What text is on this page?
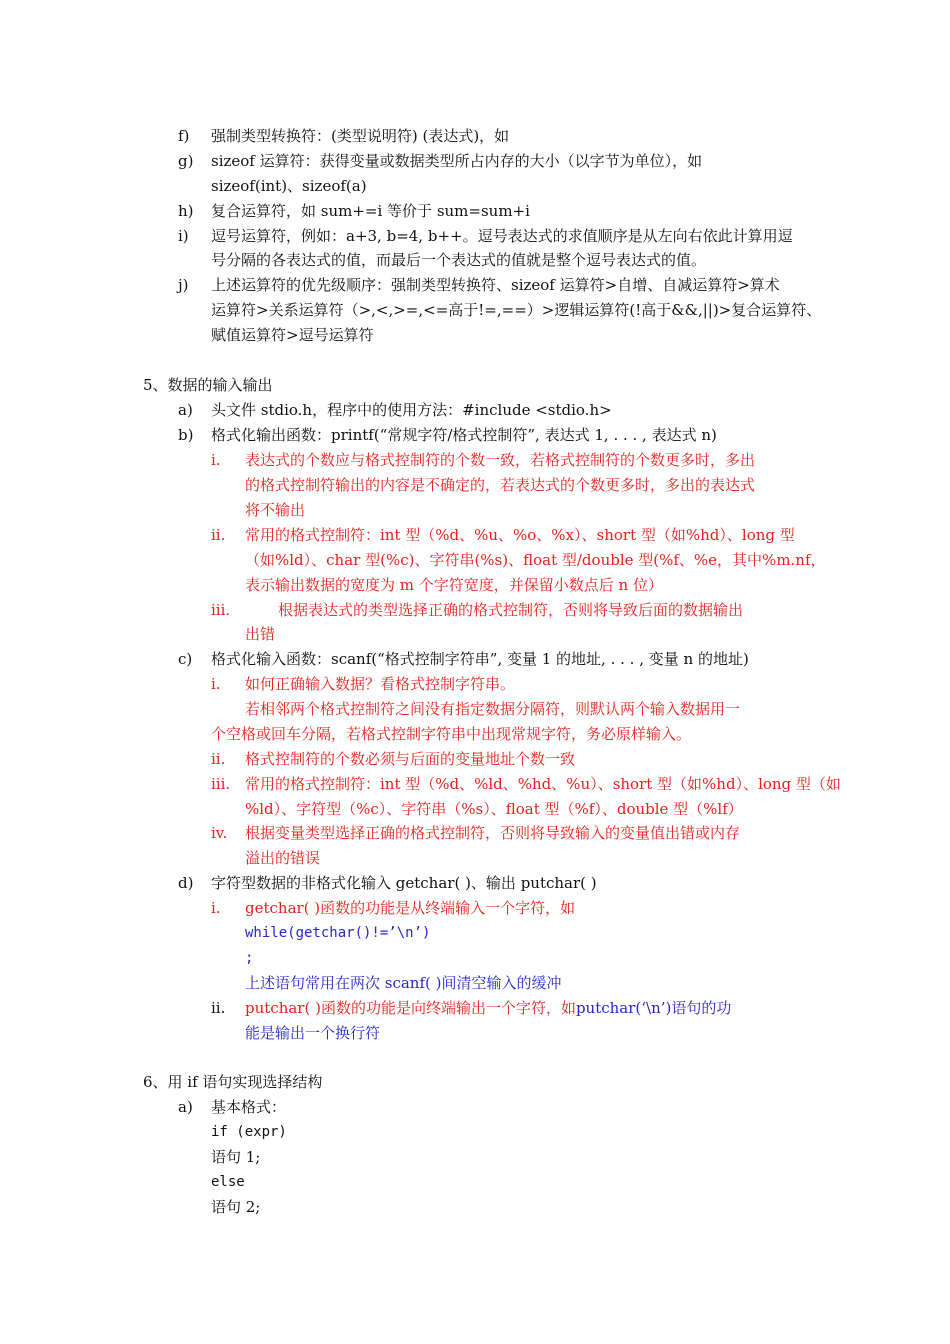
f) 强制类型转换符：(类型说明符) (表达式)，如
g) sizeof 运算符：获得变量或数据类型所占内存的大小（以字节为单位），如
sizeof(int)、sizeof(a)
h) 复合运算符，如 sum+=i 等价于 sum=sum+i
i) 逗号运算符，例如：a+3, b=4, b++。逗号表达式的求值顺序是从左向右依此计算用逗
号分隔的各表达式的值，而最后一个表达式的值就是整个逗号表达式的值。
j) 上述运算符的优先级顺序：强制类型转换符、sizeof 运算符>自增、自减运算符>算术
运算符>关系运算符（>,<,>=,<=高于!=,==）>逻辑运算符(!高于&&,||)>复合运算符、
赋值运算符>逗号运算符
5、数据的输入输出
a) 头文件 stdio.h，程序中的使用方法：#include <stdio.h>
b) 格式化输出函数：printf(“常规字符/格式控制符”, 表达式 1, . . . , 表达式 n)
i. 表达式的个数应与格式控制符的个数一致，若格式控制符的个数更多时，多出
的格式控制符输出的内容是不确定的，若表达式的个数更多时，多出的表达式
将不输出
ii. 常用的格式控制符：int 型（%d、%u、%o、%x）、short 型（如%hd）、long 型
（如%ld）、char 型(%c)、字符串(%s)、float 型/double 型(%f、%e，其中%m.nf，
表示输出数据的宽度为 m 个字符宽度，并保留小数点后 n 位）
iii.	根据表达式的类型选择正确的格式控制符，否则将导致后面的数据输出
出错
c) 格式化输入函数：scanf(“格式控制字符串”, 变量 1 的地址, . . . , 变量 n 的地址)
i. 如何正确输入数据？看格式控制字符串。
若相邻两个格式控制符之间没有指定数据分隔符，则默认两个输入数据用一
个空格或回车分隔，若格式控制字符串中出现常规字符，务必原样输入。
ii. 格式控制符的个数必须与后面的变量地址个数一致
iii. 常用的格式控制符：int 型（%d、%ld、%hd、%u）、short 型（如%hd）、long 型（如
%ld）、字符型（%c）、字符串（%s）、float 型（%f）、double 型（%lf）
iv. 根据变量类型选择正确的格式控制符，否则将导致输入的变量值出错或内存
溢出的错误
d) 字符型数据的非格式化输入 getchar( )、输出 putchar( )
i. getchar( )函数的功能是从终端输入一个字符，如
while(getchar()!=’\n’)
;
上述语句常用在两次 scanf( )间清空输入的缓冲
ii. putchar( )函数的功能是向终端输出一个字符，如putchar(‘\n’)语句的功
能是输出一个换行符
6、用 if 语句实现选择结构
a) 基本格式：
if (expr)
语句 1;
else
语句 2;
